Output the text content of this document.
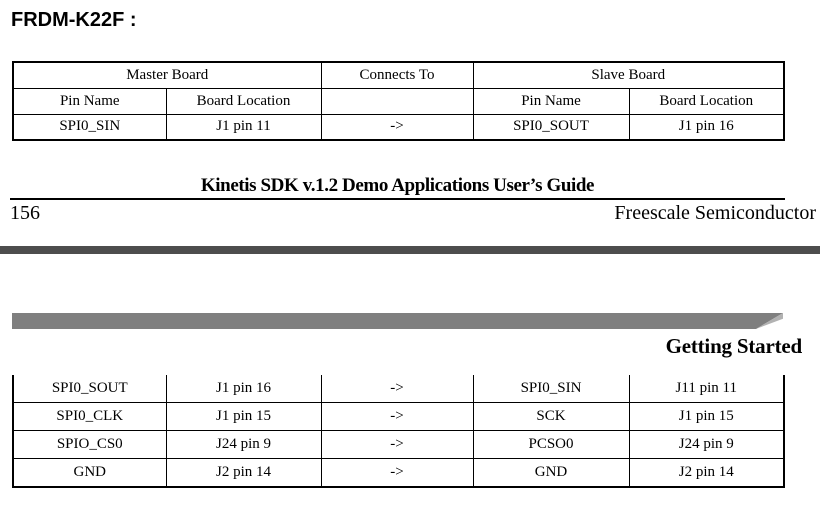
FRDM-K22F :
Master Board		Connects To	Slave Board	
Pin Name	Board Location		Pin Name	Board Location
SPI0_SIN	J1 pin 11	->	SPI0_SOUT	J1 pin 16
Kinetis SDK v.1.2 Demo Applications User’s Guide
156	Freescale Semiconductor
Getting Started
SPI0_SOUT	J1 pin 16	->	SPI0_SIN	J11 pin 11
SPI0_CLK	J1 pin 15	->	SCK	J1 pin 15
SPIO_CS0	J24 pin 9	->	PCSO0	J24 pin 9
GND	J2 pin 14	->	GND	J2 pin 14
